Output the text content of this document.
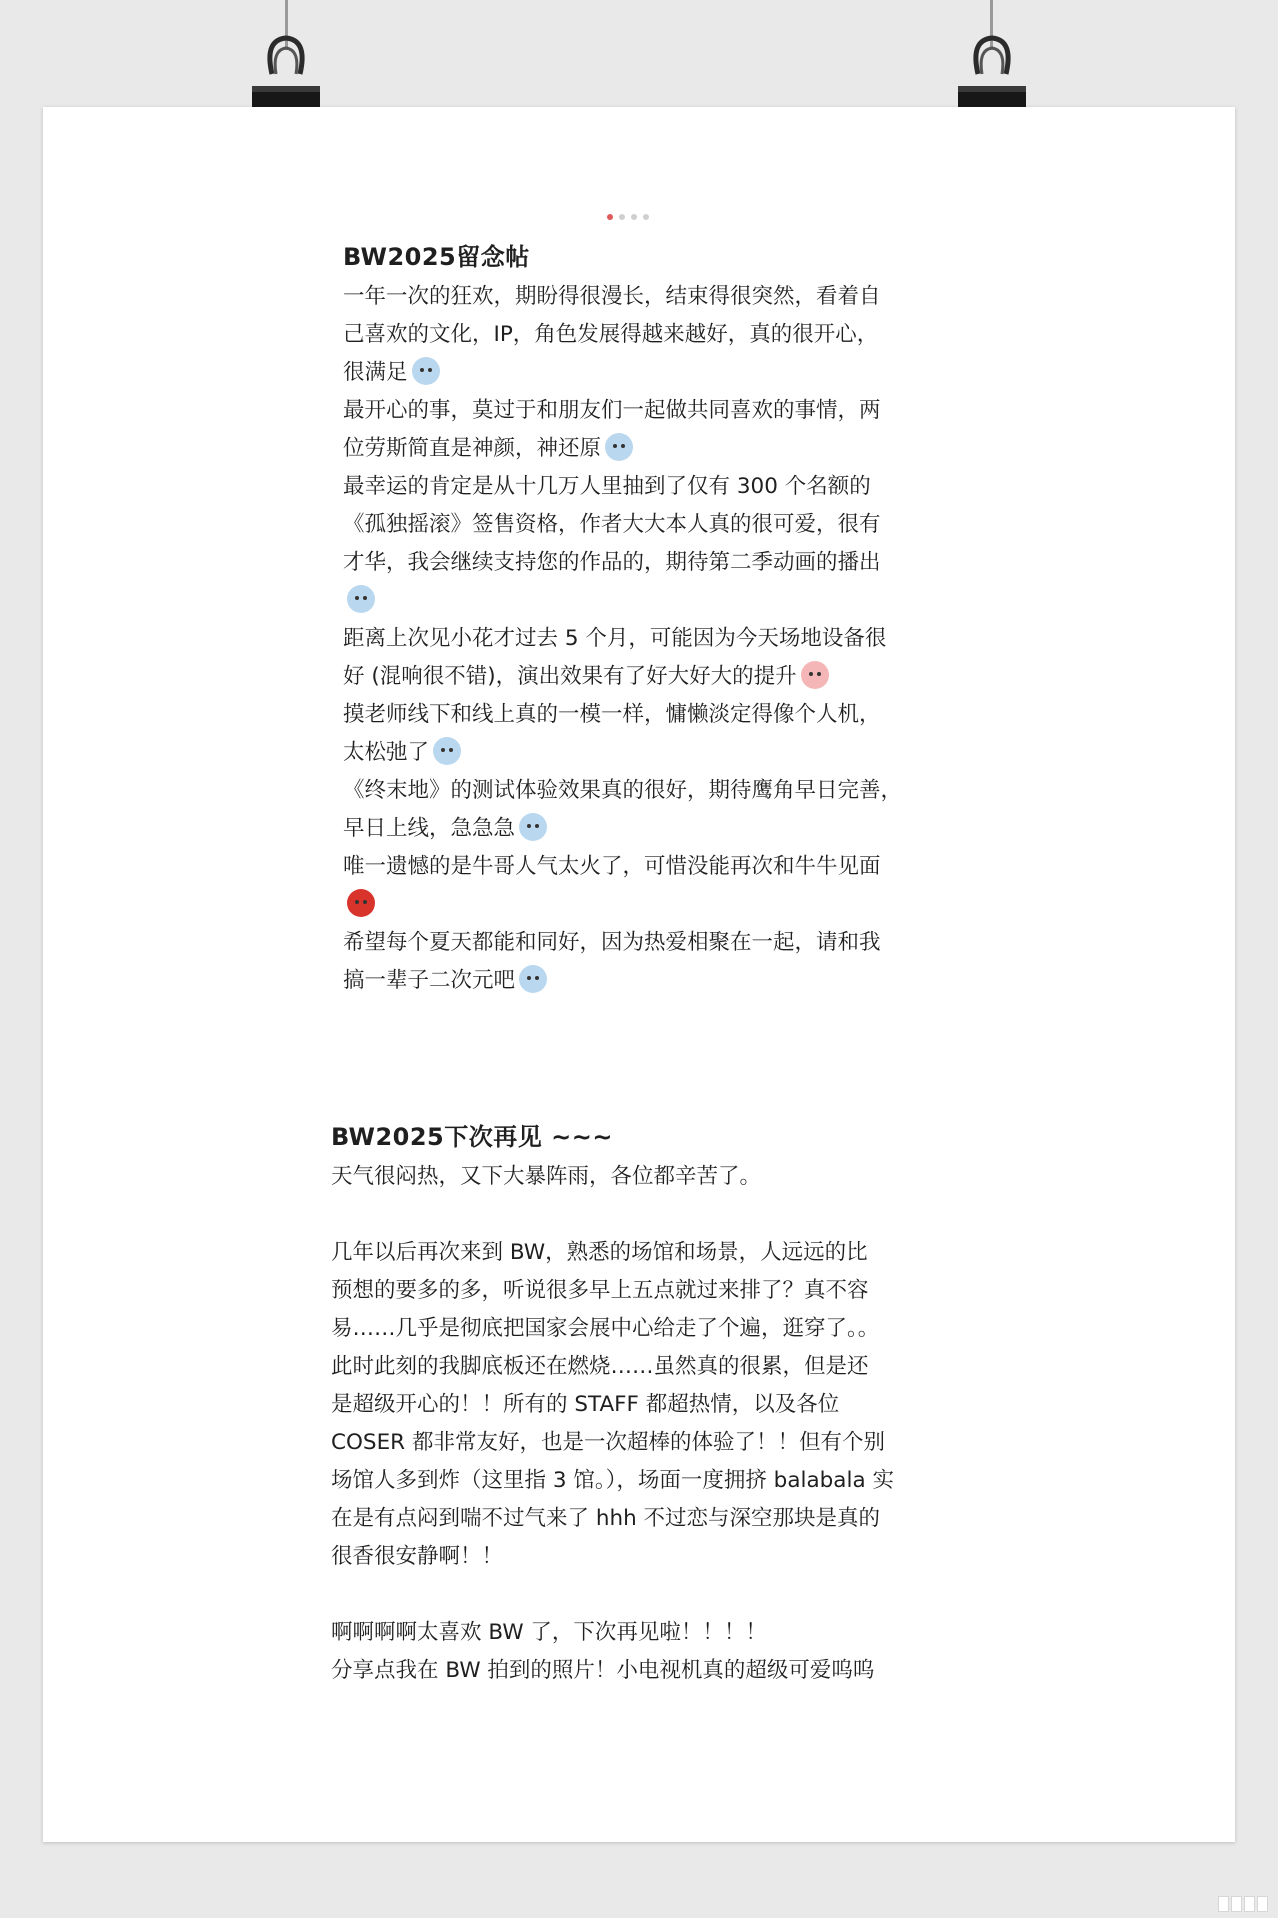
BW2025留念帖
一年一次的狂欢，期盼得很漫长，结束得很突然，看着自
己喜欢的文化，IP，角色发展得越来越好，真的很开心，
很满足
最开心的事，莫过于和朋友们一起做共同喜欢的事情，两
位劳斯简直是神颜，神还原
最幸运的肯定是从十几万人里抽到了仅有 300 个名额的
《孤独摇滚》签售资格，作者大大本人真的很可爱，很有
才华，我会继续支持您的作品的，期待第二季动画的播出
距离上次见小花才过去 5 个月，可能因为今天场地设备很
好 (混响很不错)，演出效果有了好大好大的提升
摸老师线下和线上真的一模一样，慵懒淡定得像个人机，
太松弛了
《终末地》的测试体验效果真的很好，期待鹰角早日完善，
早日上线，急急急
唯一遗憾的是牛哥人气太火了，可惜没能再次和牛牛见面
希望每个夏天都能和同好，因为热爱相聚在一起，请和我
搞一辈子二次元吧
BW2025下次再见 ~~~
天气很闷热，又下大暴阵雨，各位都辛苦了。
几年以后再次来到 BW，熟悉的场馆和场景，人远远的比
预想的要多的多，听说很多早上五点就过来排了？真不容
易……几乎是彻底把国家会展中心给走了个遍，逛穿了。。
此时此刻的我脚底板还在燃烧……虽然真的很累，但是还
是超级开心的！！所有的 STAFF 都超热情，以及各位
COSER 都非常友好，也是一次超棒的体验了！！但有个别
场馆人多到炸（这里指 3 馆。），场面一度拥挤 balabala 实
在是有点闷到喘不过气来了 hhh 不过恋与深空那块是真的
很香很安静啊！！
啊啊啊啊太喜欢 BW 了，下次再见啦！！！！
分享点我在 BW 拍到的照片！小电视机真的超级可爱呜呜
